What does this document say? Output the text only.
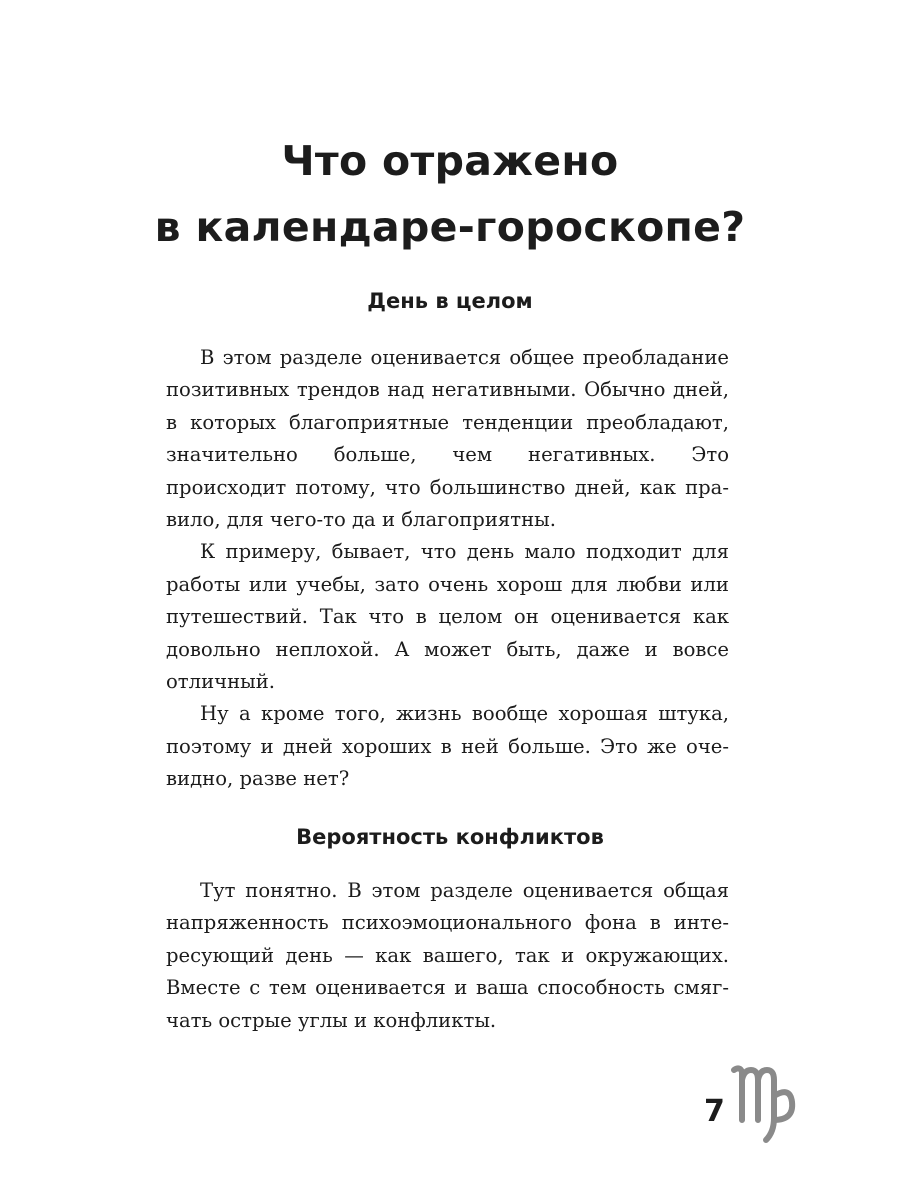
Что отражено
в календаре-гороскопе?
День в целом

В этом разделе оценивается общее преобладание позитивных трендов над негативными. Обычно дней, в которых благоприятные тенденции преобладают, значительно больше, чем негативных. Это происходит потому, что большинство дней, как правило, для чего-то да и благоприятны.

К примеру, бывает, что день мало подходит для работы или учебы, зато очень хорош для любви или путешествий. Так что в целом он оценивается как довольно неплохой. А может быть, даже и вовсе отличный.

Ну а кроме того, жизнь вообще хорошая штука, поэтому и дней хороших в ней больше. Это же очевидно, разве нет?

Вероятность конфликтов

Тут понятно. В этом разделе оценивается общая напряженность психоэмоционального фона в интересующий день — как вашего, так и окружающих. Вместе с тем оценивается и ваша способность смягчать острые углы и конфликты.

7
